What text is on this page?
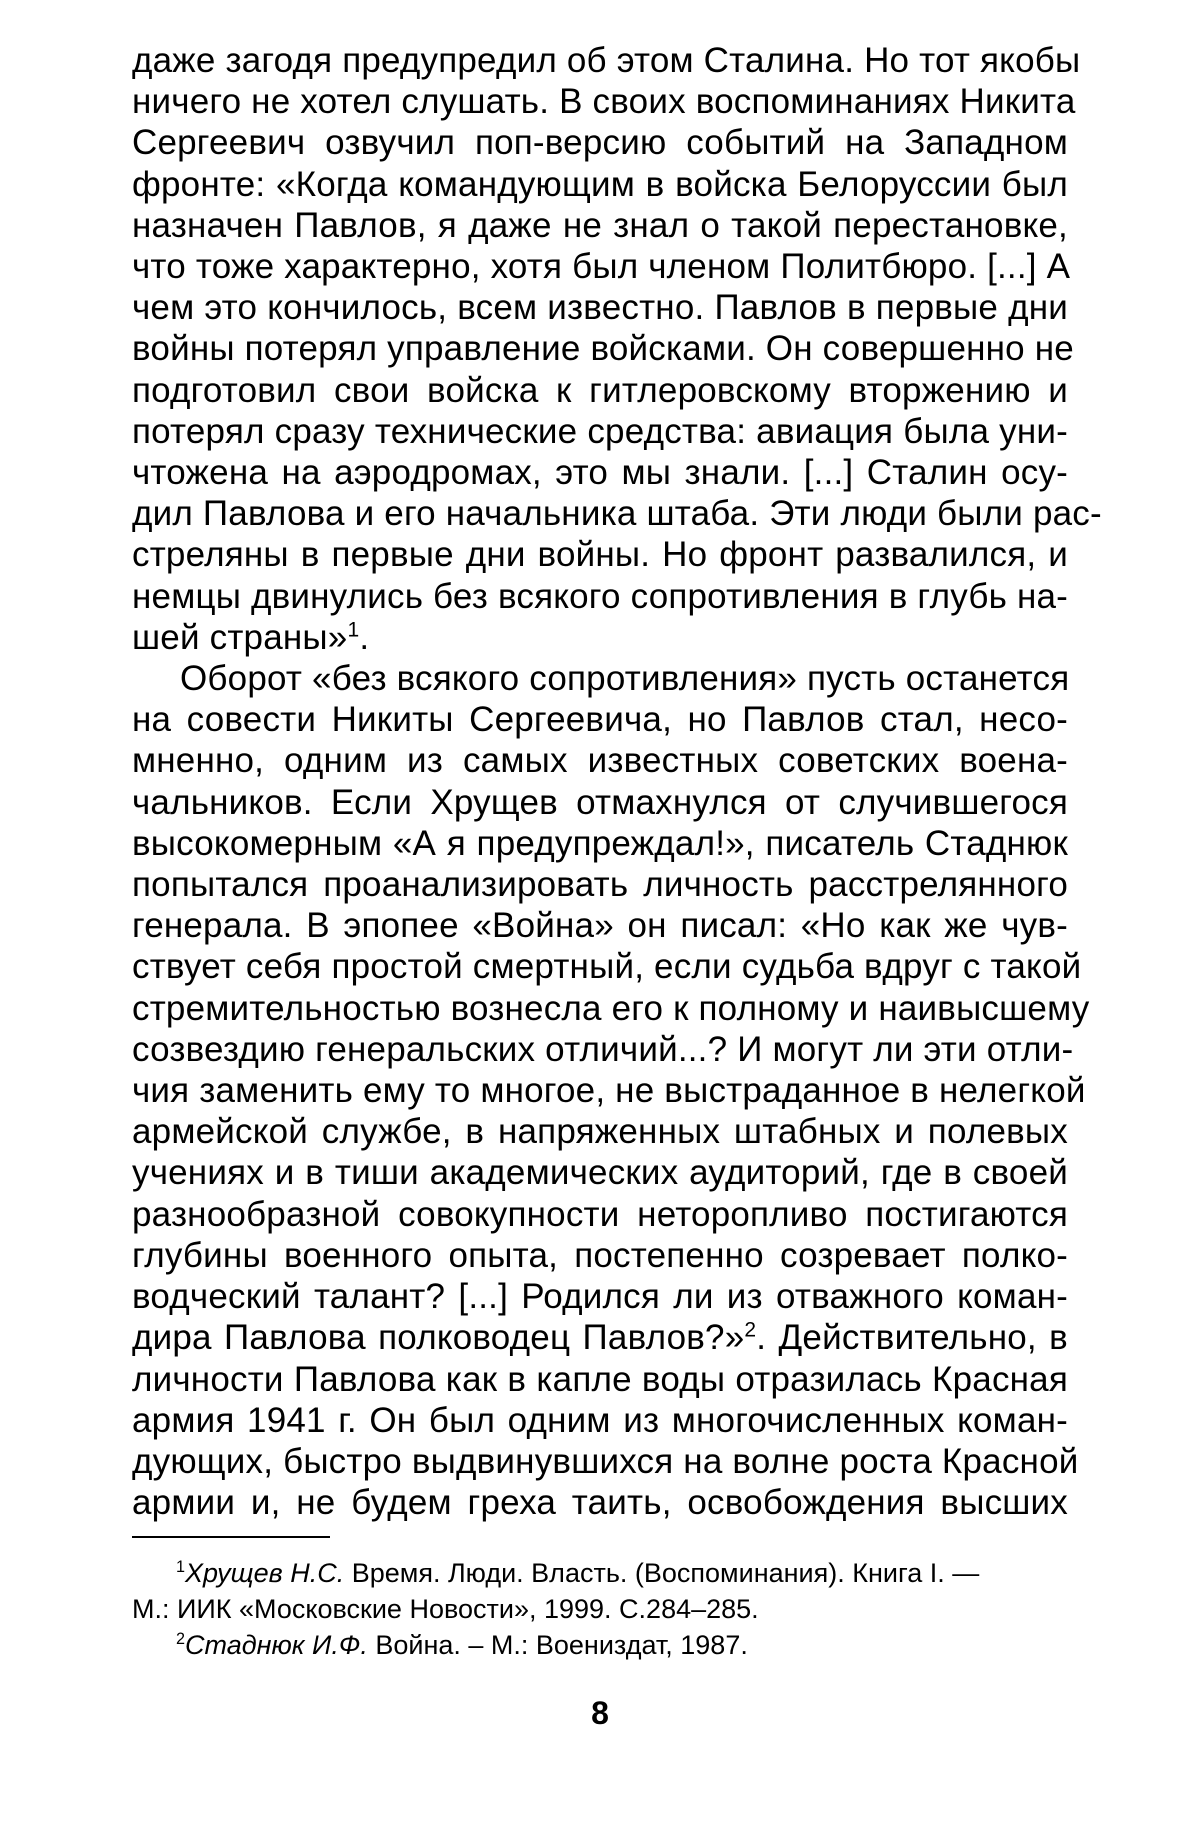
даже загодя предупредил об этом Сталина. Но тот якобы
ничего не хотел слушать. В своих воспоминаниях Никита
Сергеевич озвучил поп-версию событий на Западном
фронте: «Когда командующим в войска Белоруссии был
назначен Павлов, я даже не знал о такой перестановке,
что тоже характерно, хотя был членом Политбюро. [...] А
чем это кончилось, всем известно. Павлов в первые дни
войны потерял управление войсками. Он совершенно не
подготовил свои войска к гитлеровскому вторжению и
потерял сразу технические средства: авиация была уни-
чтожена на аэродромах, это мы знали. [...] Сталин осу-
дил Павлова и его начальника штаба. Эти люди были рас-
стреляны в первые дни войны. Но фронт развалился, и
немцы двинулись без всякого сопротивления в глубь на-
шей страны»$^1$.
Оборот «без всякого сопротивления» пусть останется
на совести Никиты Сергеевича, но Павлов стал, несо-
мненно, одним из самых известных советских военa-
чальников. Если Хрущев отмахнулся от случившегося
высокомерным «А я предупреждал!», писатель Стаднюк
попытался проанализировать личность расстрелянного
генерала. В эпопее «Война» он писал: «Но как же чув-
ствует себя простой смертный, если судьба вдруг с такой
стремительностью вознесла его к полному и наивысшему
созвездию генеральских отличий...? И могут ли эти отли-
чия заменить ему то многое, не выстраданное в нелегкой
армейской службе, в напряженных штабных и полевых
учениях и в тиши академических аудиторий, где в своей
разнообразной совокупности неторопливо постигаются
глубины военного опыта, постепенно созревает полко-
водческий талант? [...] Родился ли из отважного коман-
дира Павлова полководец Павлов?»$^2$. Действительно, в
личности Павлова как в капле воды отразилась Красная
армия 1941 г. Он был одним из многочисленных коман-
дующих, быстро выдвинувшихся на волне роста Красной
армии и, не будем греха таить, освобождения высших
$^1$Хрущев Н.С. Время. Люди. Власть. (Воспоминания). Книга I. —
М.: ИИК «Московские Новости», 1999. С.284–285.
$^2$Стаднюк И.Ф. Война. – М.: Воениздат, 1987.
8
